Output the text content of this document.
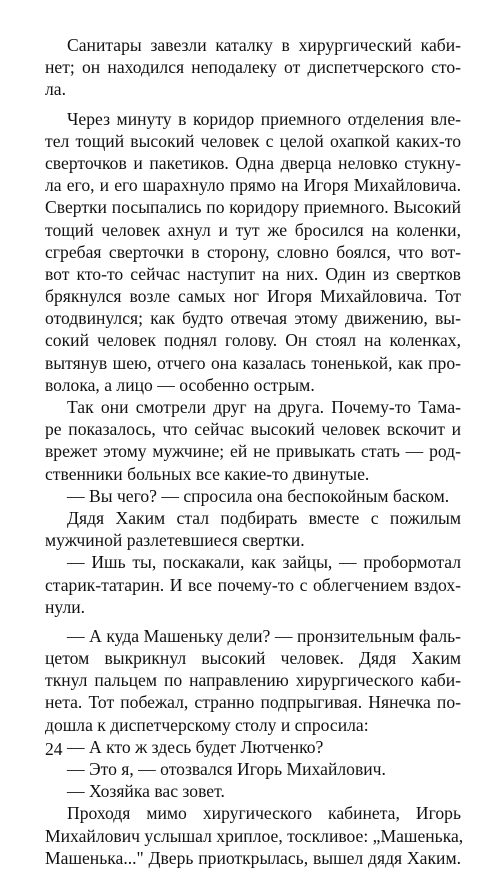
Санитары завезли каталку в хирургический каби-
нет; он находился неподалеку от диспетчерского сто-
ла.
Через минуту в коридор приемного отделения вле-
тел тощий высокий человек с целой охапкой каких-то
сверточков и пакетиков. Одна дверца неловко стукну-
ла его, и его шарахнуло прямо на Игоря Михайловича.
Свертки посыпались по коридору приемного. Высокий
тощий человек ахнул и тут же бросился на коленки,
сгребая сверточки в сторону, словно боялся, что вот-
вот кто-то сейчас наступит на них. Один из свертков
брякнулся возле самых ног Игоря Михайловича. Тот
отодвинулся; как будто отвечая этому движению, вы-
сокий человек поднял голову. Он стоял на коленках,
вытянув шею, отчего она казалась тоненькой, как про-
волока, а лицо — особенно острым.
Так они смотрели друг на друга. Почему-то Тама-
ре показалось, что сейчас высокий человек вскочит и
врежет этому мужчине; ей не привыкать стать — род-
ственники больных все какие-то двинутые.
— Вы чего? — спросила она беспокойным баском.
Дядя Хаким стал подбирать вместе с пожилым
мужчиной разлетевшиеся свертки.
— Ишь ты, поскакали, как зайцы, — пробормотал
старик-татарин. И все почему-то с облегчением вздох-
нули.
— А куда Машеньку дели? — пронзительным фаль-
цетом выкрикнул высокий человек. Дядя Хаким
ткнул пальцем по направлению хирургического каби-
нета. Тот побежал, странно подпрыгивая. Нянечка по-
дошла к диспетчерскому столу и спросила:
— А кто ж здесь будет Лютченко?
— Это я, — отозвался Игорь Михайлович.
— Хозяйка вас зовет.
Проходя мимо хиругического кабинета, Игорь
Михайлович услышал хриплое, тоскливое: „Машенька,
Машенька..." Дверь приоткрылась, вышел дядя Хаким.
24
